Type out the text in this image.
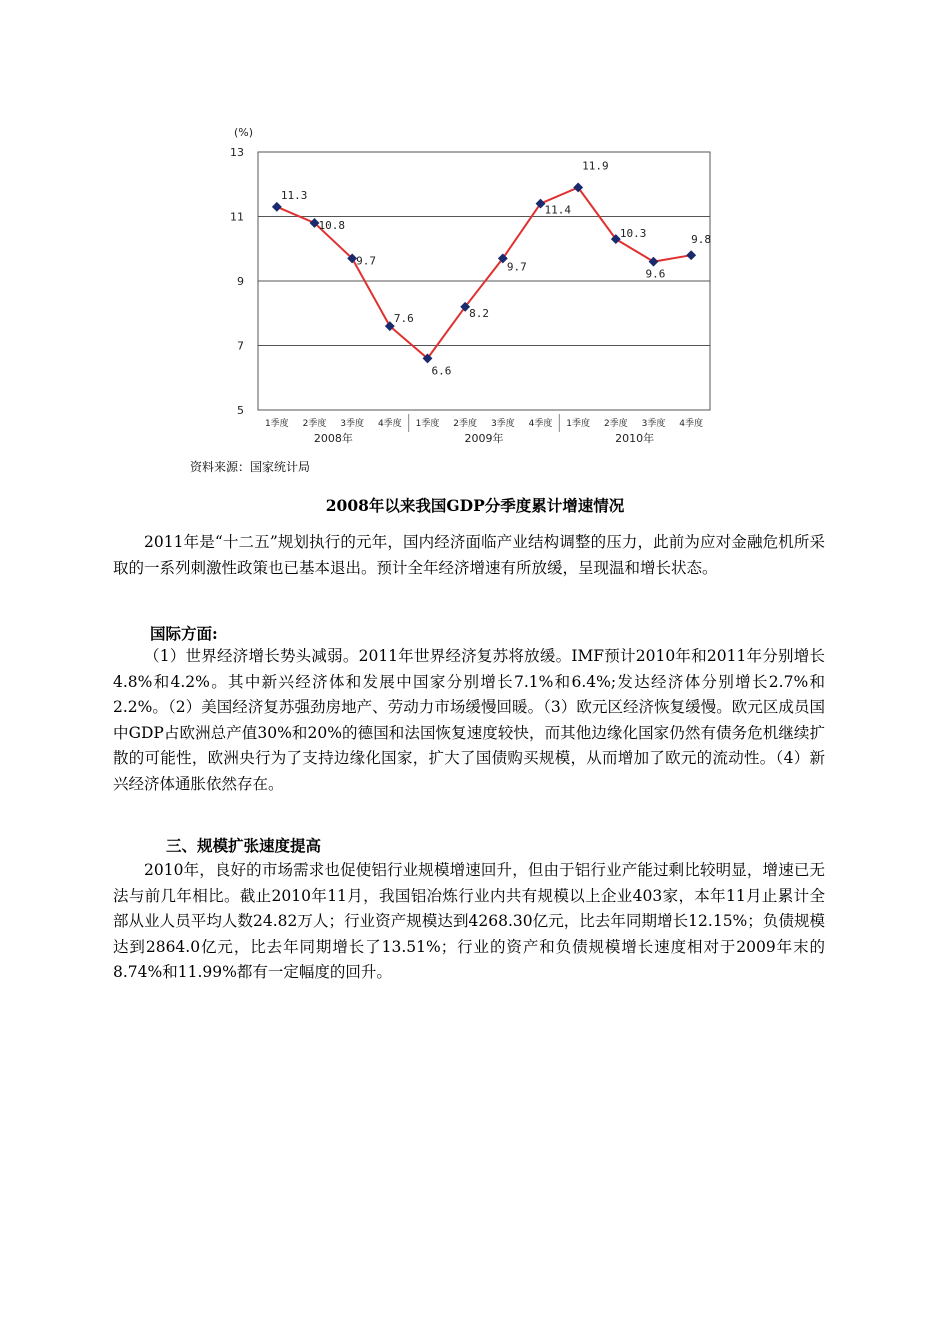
(%)
13
11
9
7
5
1季度 2季度 3季度 4季度 1季度 2季度 3季度 4季度 1季度 2季度 3季度 4季度
2008年	2009年	2010年
11.3
10.8
9.7
7.6
6.6
8.2
9.7
11.4
11.9
10.3
9.6
9.8
资料来源：国家统计局
2008年以来我国GDP分季度累计增速情况

2011年是“十二五”规划执行的元年，国内经济面临产业结构调整的压力，此前为应对金融危机所采取的一系列刺激性政策也已基本退出。预计全年经济增速有所放缓，呈现温和增长状态。

国际方面:

（1）世界经济增长势头减弱。2011年世界经济复苏将放缓。IMF预计2010年和2011年分别增长4.8%和4.2%。其中新兴经济体和发展中国家分别增长7.1%和6.4%;发达经济体分别增长2.7%和2.2%。（2）美国经济复苏强劲房地产、劳动力市场缓慢回暖。（3）欧元区经济恢复缓慢。欧元区成员国中GDP占欧洲总产值30%和20%的德国和法国恢复速度较快，而其他边缘化国家仍然有债务危机继续扩散的可能性，欧洲央行为了支持边缘化国家，扩大了国债购买规模，从而增加了欧元的流动性。（4）新兴经济体通胀依然存在。

三、规模扩张速度提高

2010年，良好的市场需求也促使铝行业规模增速回升，但由于铝行业产能过剩比较明显，增速已无法与前几年相比。截止2010年11月，我国铝冶炼行业内共有规模以上企业403家，本年11月止累计全部从业人员平均人数24.82万人；行业资产规模达到4268.30亿元，比去年同期增长12.15%；负债规模达到2864.0亿元，比去年同期增长了13.51%；行业的资产和负债规模增长速度相对于2009年末的8.74%和11.99%都有一定幅度的回升。
